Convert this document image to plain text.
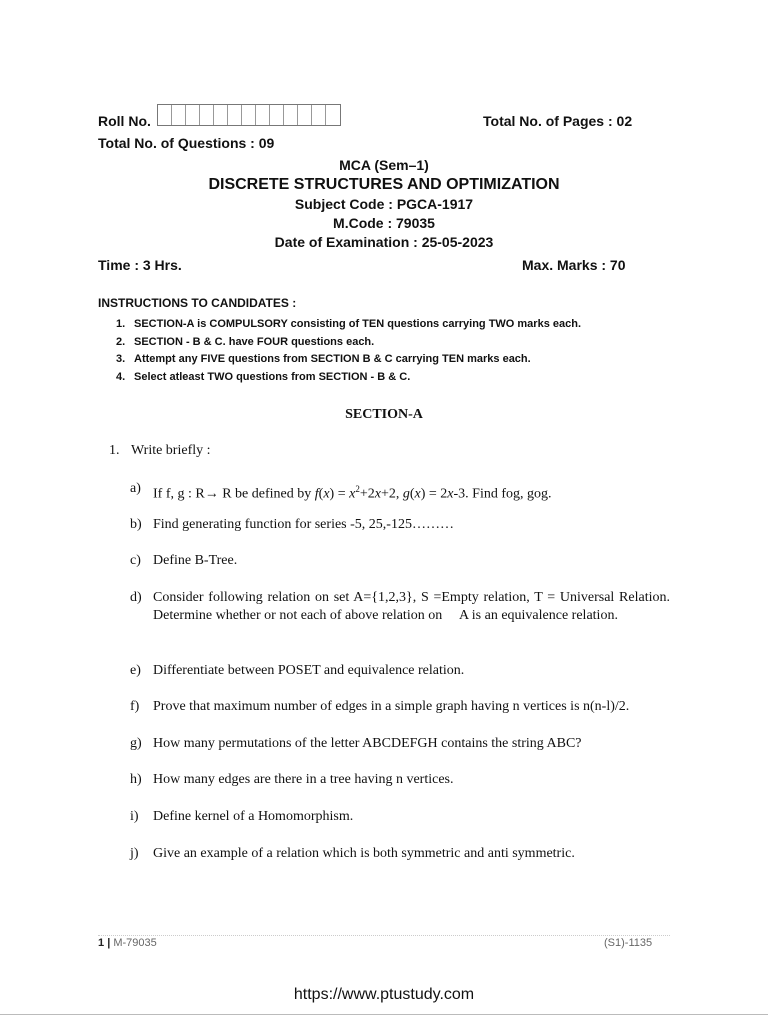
Roll No.	Total No. of Pages : 02
Total No. of Questions : 09
MCA (Sem–1)
DISCRETE STRUCTURES AND OPTIMIZATION
Subject Code : PGCA-1917
M.Code : 79035
Date of Examination : 25-05-2023
Time : 3 Hrs.	Max. Marks : 70
INSTRUCTIONS TO CANDIDATES :
1. SECTION-A is COMPULSORY consisting of TEN questions carrying TWO marks each.
2. SECTION - B & C. have FOUR questions each.
3. Attempt any FIVE questions from SECTION B & C carrying TEN marks each.
4. Select atleast TWO questions from SECTION - B & C.
SECTION-A
1. Write briefly :
a) If f, g : R→ R be defined by $f(x) = x^2+2x+2$, g(x) = 2x-3. Find fog, gog.
b) Find generating function for series -5, 25,-125………
c) Define B-Tree.
d) Consider following relation on set A={1,2,3}, S =Empty relation, T = Universal Relation. Determine whether or not each of above relation on     A is an equivalence relation.
e) Differentiate between POSET and equivalence relation.
f) Prove that maximum number of edges in a simple graph having n vertices is n(n-l)/2.
g) How many permutations of the letter ABCDEFGH contains the string ABC?
h) How many edges are there in a tree having n vertices.
i)	Define kernel of a Homomorphism.
j)	Give an example of a relation which is both symmetric and anti symmetric.
1 | M-79035	(S1)-1135
https://www.ptustudy.com
